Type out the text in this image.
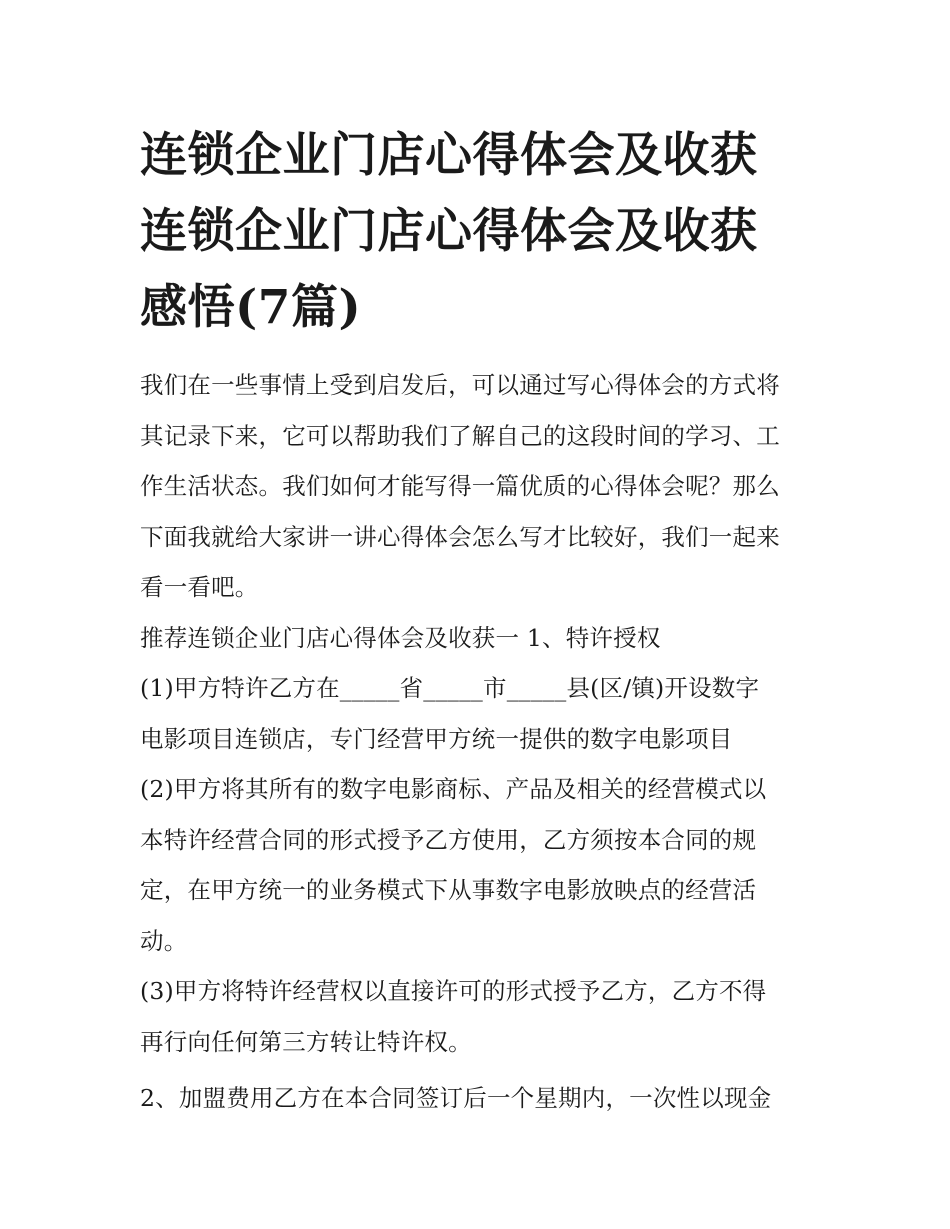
连锁企业门店心得体会及收获
连锁企业门店心得体会及收获
感悟(7篇)

我们在一些事情上受到启发后，可以通过写心得体会的方式将
其记录下来，它可以帮助我们了解自己的这段时间的学习、工
作生活状态。我们如何才能写得一篇优质的心得体会呢？那么
下面我就给大家讲一讲心得体会怎么写才比较好，我们一起来
看一看吧。

推荐连锁企业门店心得体会及收获一 1、特许授权

(1)甲方特许乙方在_____省_____市_____县(区/镇)开设数字
电影项目连锁店，专门经营甲方统一提供的数字电影项目

(2)甲方将其所有的数字电影商标、产品及相关的经营模式以
本特许经营合同的形式授予乙方使用，乙方须按本合同的规
定，在甲方统一的业务模式下从事数字电影放映点的经营活
动。

(3)甲方将特许经营权以直接许可的形式授予乙方，乙方不得
再行向任何第三方转让特许权。

2、加盟费用乙方在本合同签订后一个星期内，一次性以现金
